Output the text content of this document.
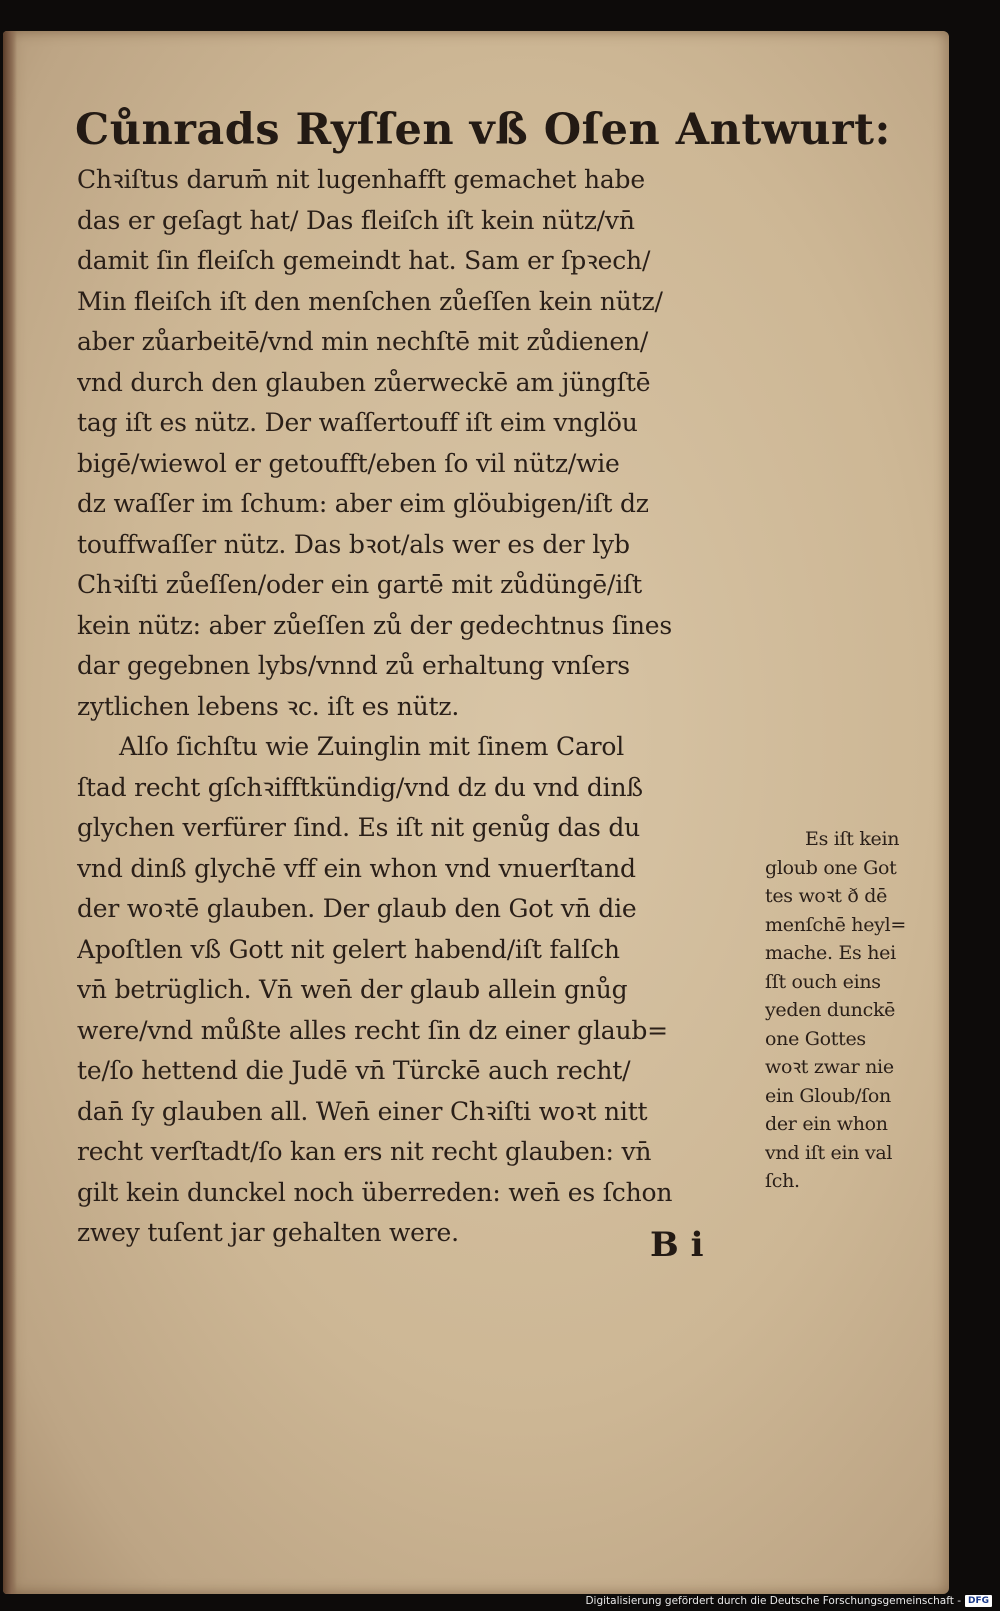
Cůnrads Ryſſen vß Oſen Antwurt:
Chꝛiſtus darum̄ nit lugenhafft gemachet habe
das er geſagt hat/ Das fleiſch iſt kein nütz/vn̄
damit ſin fleiſch gemeindt hat. Sam er ſpꝛech/
Min fleiſch iſt den menſchen zůeſſen kein nütz/
aber zůarbeitē/vnd min nechſtē mit zůdienen/
vnd durch den glauben zůerweckē am jüngſtē
tag iſt es nütz. Der waſſertouff iſt eim vnglöu
bigē/wiewol er getoufft/eben ſo vil nütz/wie
dz waſſer im ſchum: aber eim glöubigen/iſt dz
touffwaſſer nütz. Das bꝛot/als wer es der lyb
Chꝛiſti zůeſſen/oder ein gartē mit zůdüngē/iſt
kein nütz: aber zůeſſen zů der gedechtnus ſines
dar gegebnen lybs/vnnd zů erhaltung vnſers
zytlichen lebens ꝛc. iſt es nütz.
Alſo ſichſtu wie Zuinglin mit ſinem Carol
ſtad recht gſchꝛifftkündig/vnd dz du vnd dinß
glychen verfürer ſind. Es iſt nit genůg das du
vnd dinß glychē vff ein whon vnd vnuerſtand
der woꝛtē glauben. Der glaub den Got vn̄ die
Apoſtlen vß Gott nit gelert habend/iſt falſch
vn̄ betrüglich. Vn̄ wen̄ der glaub allein gnůg
were/vnd můßte alles recht ſin dz einer glaub=
te/ſo hettend die Judē vn̄ Türckē auch recht/
dan̄ ſy glauben all. Wen̄ einer Chꝛiſti woꝛt nitt
recht verſtadt/ſo kan ers nit recht glauben: vn̄
gilt kein dunckel noch überreden: wen̄ es ſchon
zwey tuſent jar gehalten were.
Es iſt kein
gloub one Got
tes woꝛt ð dē
menſchē heyl=
mache. Es hei
ſſt ouch eins
yeden dunckē
one Gottes
woꝛt zwar nie
ein Gloub/ſon
der ein whon
vnd iſt ein val
ſch.
B i
Digitalisierung gefördert durch die Deutsche Forschungsgemeinschaft - DFG
